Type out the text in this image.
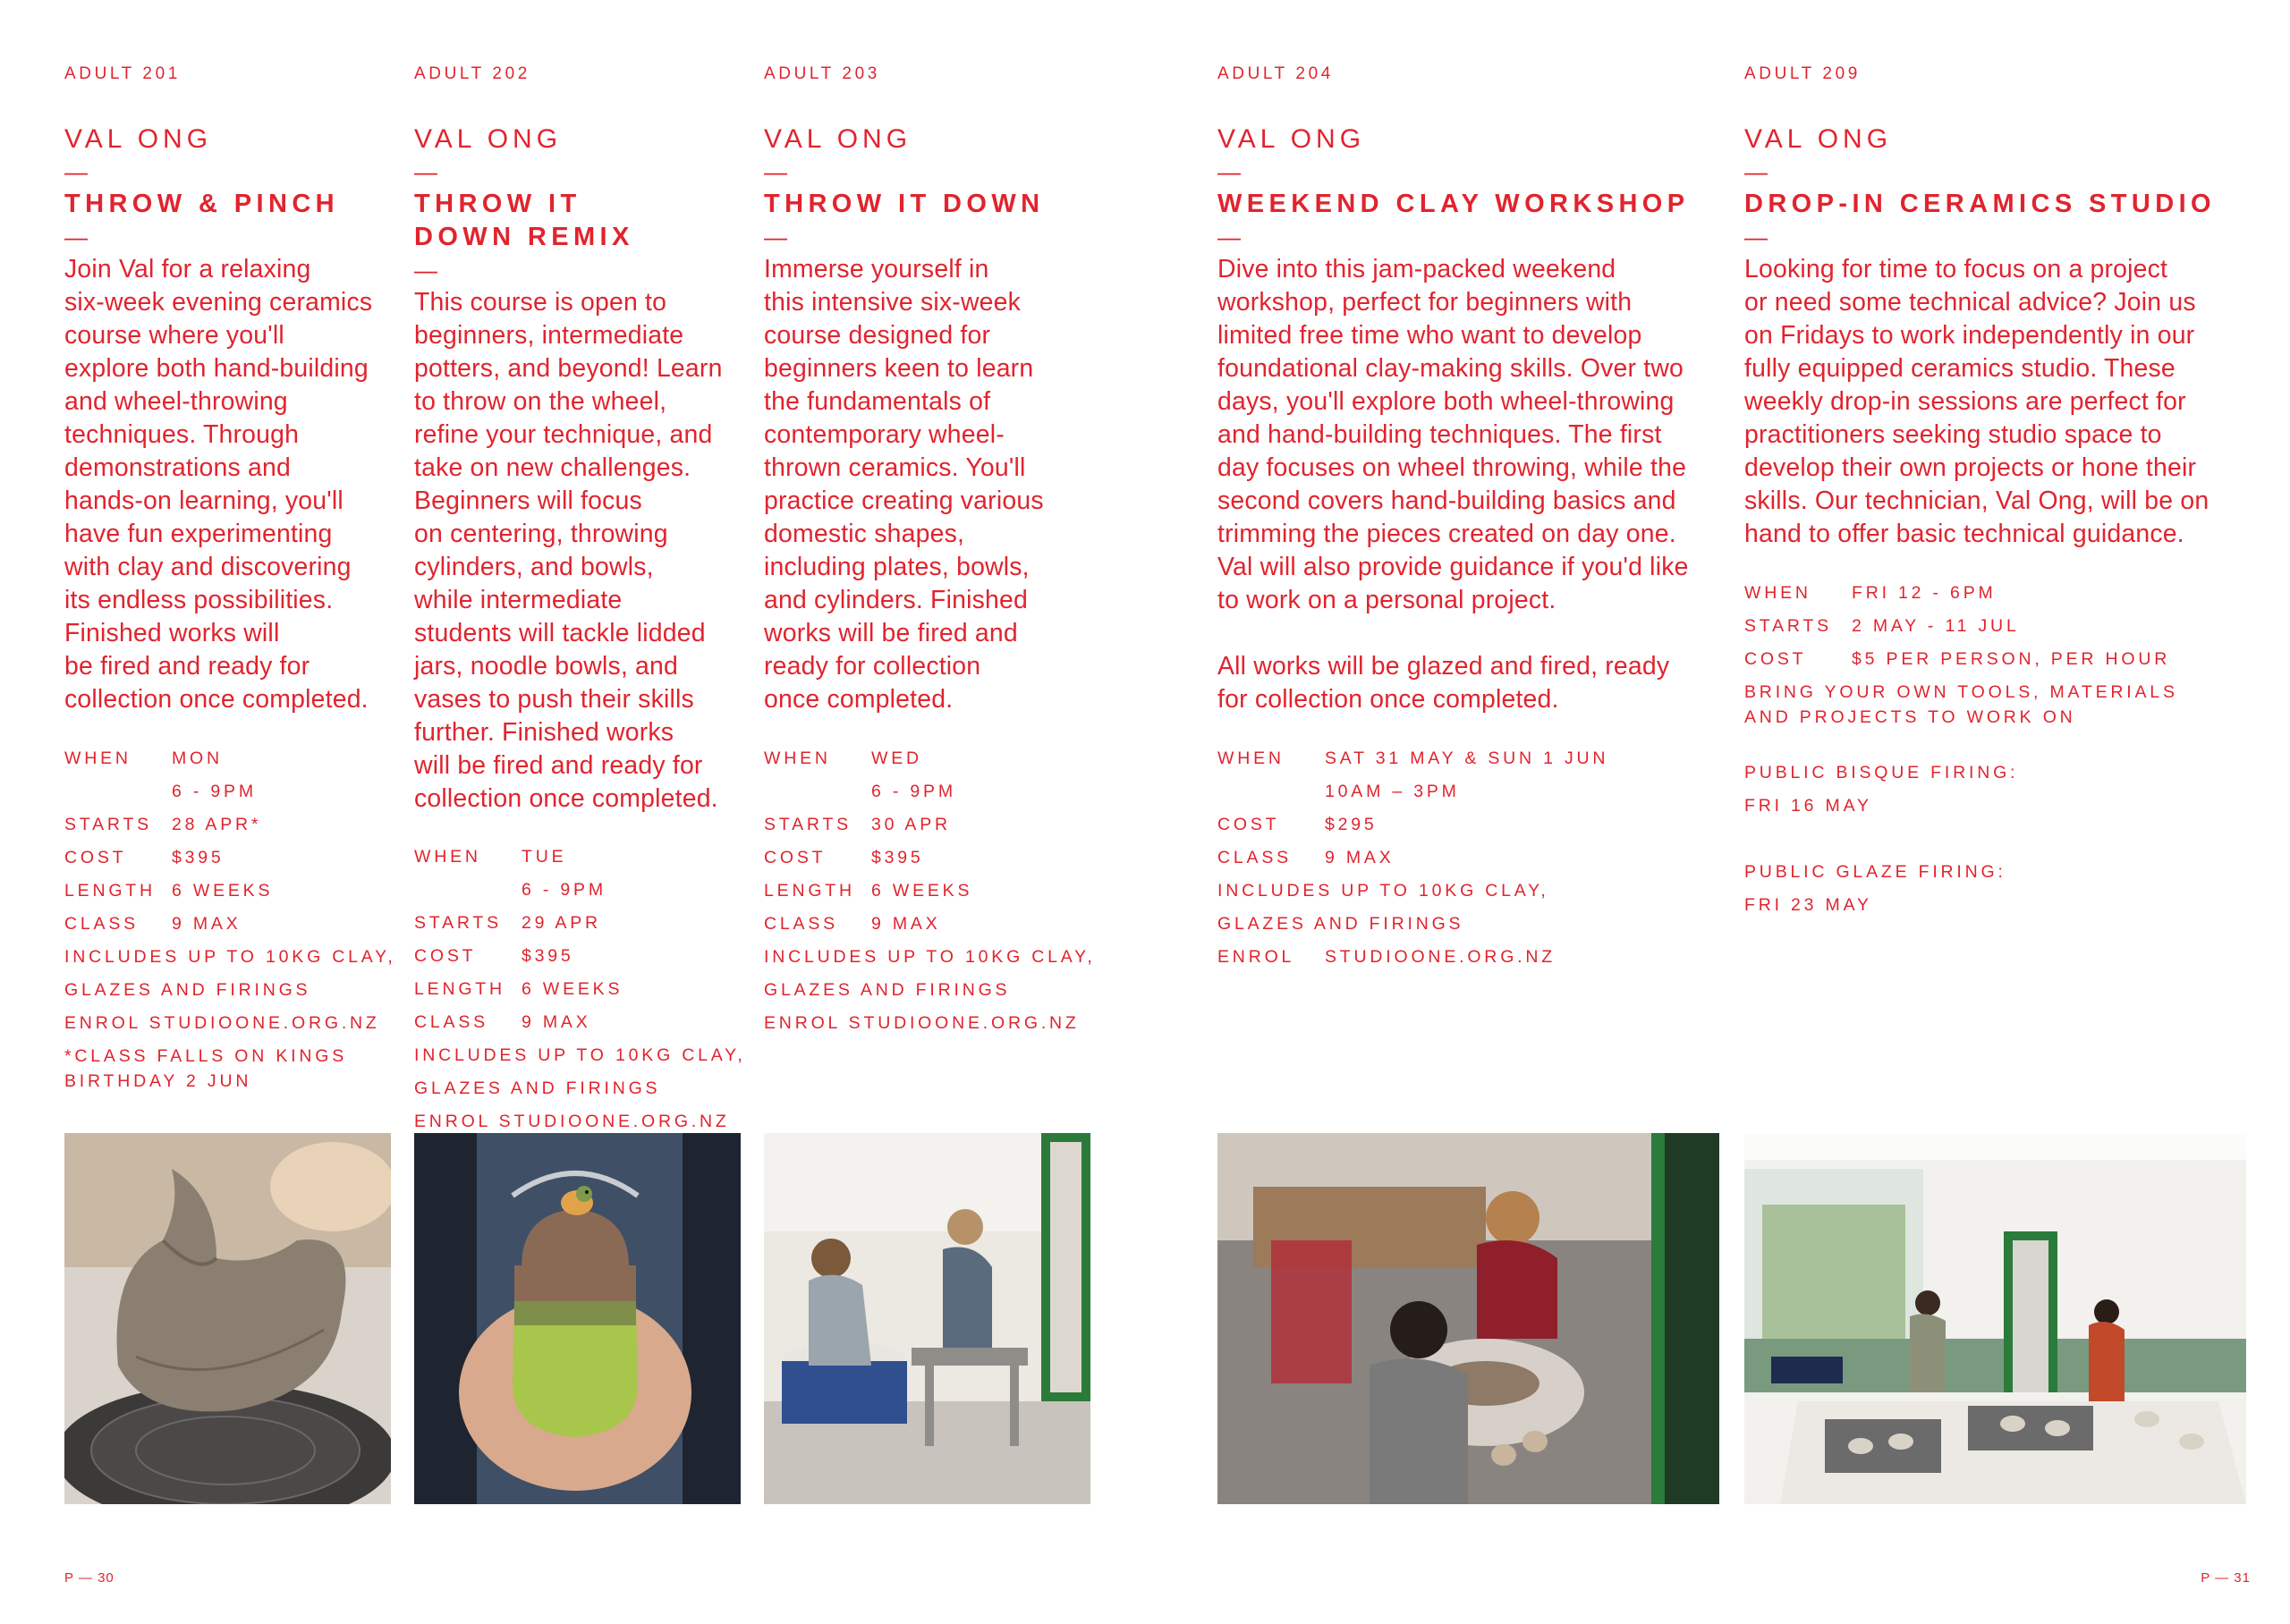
ADULT 201
VAL ONG
—
THROW & PINCH
—
Join Val for a relaxing
six-week evening ceramics
course where you'll
explore both hand-building
and wheel-throwing
techniques. Through
demonstrations and
hands-on learning, you'll
have fun experimenting
with clay and discovering
its endless possibilities.
Finished works will
be fired and ready for
collection once completed.
WHEN MON
6 - 9PM
STARTS 28 APR*
COST	$395
LENGTH 6 WEEKS
CLASS 9 MAX
INCLUDES UP TO 10KG CLAY,
GLAZES AND FIRINGS
ENROL STUDIOONE.ORG.NZ
*CLASS FALLS ON KINGS
BIRTHDAY 2 JUN
ADULT 202
VAL ONG
—
THROW IT
DOWN REMIX
—
This course is open to
beginners, intermediate
potters, and beyond! Learn
to throw on the wheel,
refine your technique, and
take on new challenges.
Beginners will focus
on centering, throwing
cylinders, and bowls,
while intermediate
students will tackle lidded
jars, noodle bowls, and
vases to push their skills
further. Finished works
will be fired and ready for
collection once completed.
WHEN TUE
6 - 9PM
STARTS 29 APR
COST	$395
LENGTH 6 WEEKS
CLASS 9 MAX
INCLUDES UP TO 10KG CLAY,
GLAZES AND FIRINGS
ENROL STUDIOONE.ORG.NZ
ADULT 203
VAL ONG
—
THROW IT DOWN
—
Immerse yourself in
this intensive six-week
course designed for
beginners keen to learn
the fundamentals of
contemporary wheel-
thrown ceramics. You'll
practice creating various
domestic shapes,
including plates, bowls,
and cylinders. Finished
works will be fired and
ready for collection
once completed.
WHEN WED
6 - 9PM
STARTS 30 APR
COST	$395
LENGTH 6 WEEKS
CLASS 9 MAX
INCLUDES UP TO 10KG CLAY,
GLAZES AND FIRINGS
ENROL STUDIOONE.ORG.NZ
ADULT 204
VAL ONG
—
WEEKEND CLAY WORKSHOP
—
Dive into this jam-packed weekend
workshop, perfect for beginners with
limited free time who want to develop
foundational clay-making skills. Over two
days, you'll explore both wheel-throwing
and hand-building techniques. The first
day focuses on wheel throwing, while the
second covers hand-building basics and
trimming the pieces created on day one.
Val will also provide guidance if you'd like
to work on a personal project.
All works will be glazed and fired, ready
for collection once completed.
WHEN SAT 31 MAY & SUN 1 JUN
10AM – 3PM
COST	$295
CLASS 9 MAX
INCLUDES UP TO 10KG CLAY,
GLAZES AND FIRINGS
ENROL STUDIOONE.ORG.NZ
ADULT 209
VAL ONG
—
DROP-IN CERAMICS STUDIO
—
Looking for time to focus on a project
or need some technical advice? Join us
on Fridays to work independently in our
fully equipped ceramics studio. These
weekly drop-in sessions are perfect for
practitioners seeking studio space to
develop their own projects or hone their
skills. Our technician, Val Ong, will be on
hand to offer basic technical guidance.
WHEN FRI 12 - 6PM
STARTS 2 MAY - 11 JUL
COST	$5 PER PERSON, PER HOUR
BRING YOUR OWN TOOLS, MATERIALS
AND PROJECTS TO WORK ON
PUBLIC BISQUE FIRING:
FRI 16 MAY
PUBLIC GLAZE FIRING:
FRI 23 MAY
P — 30	P — 31
